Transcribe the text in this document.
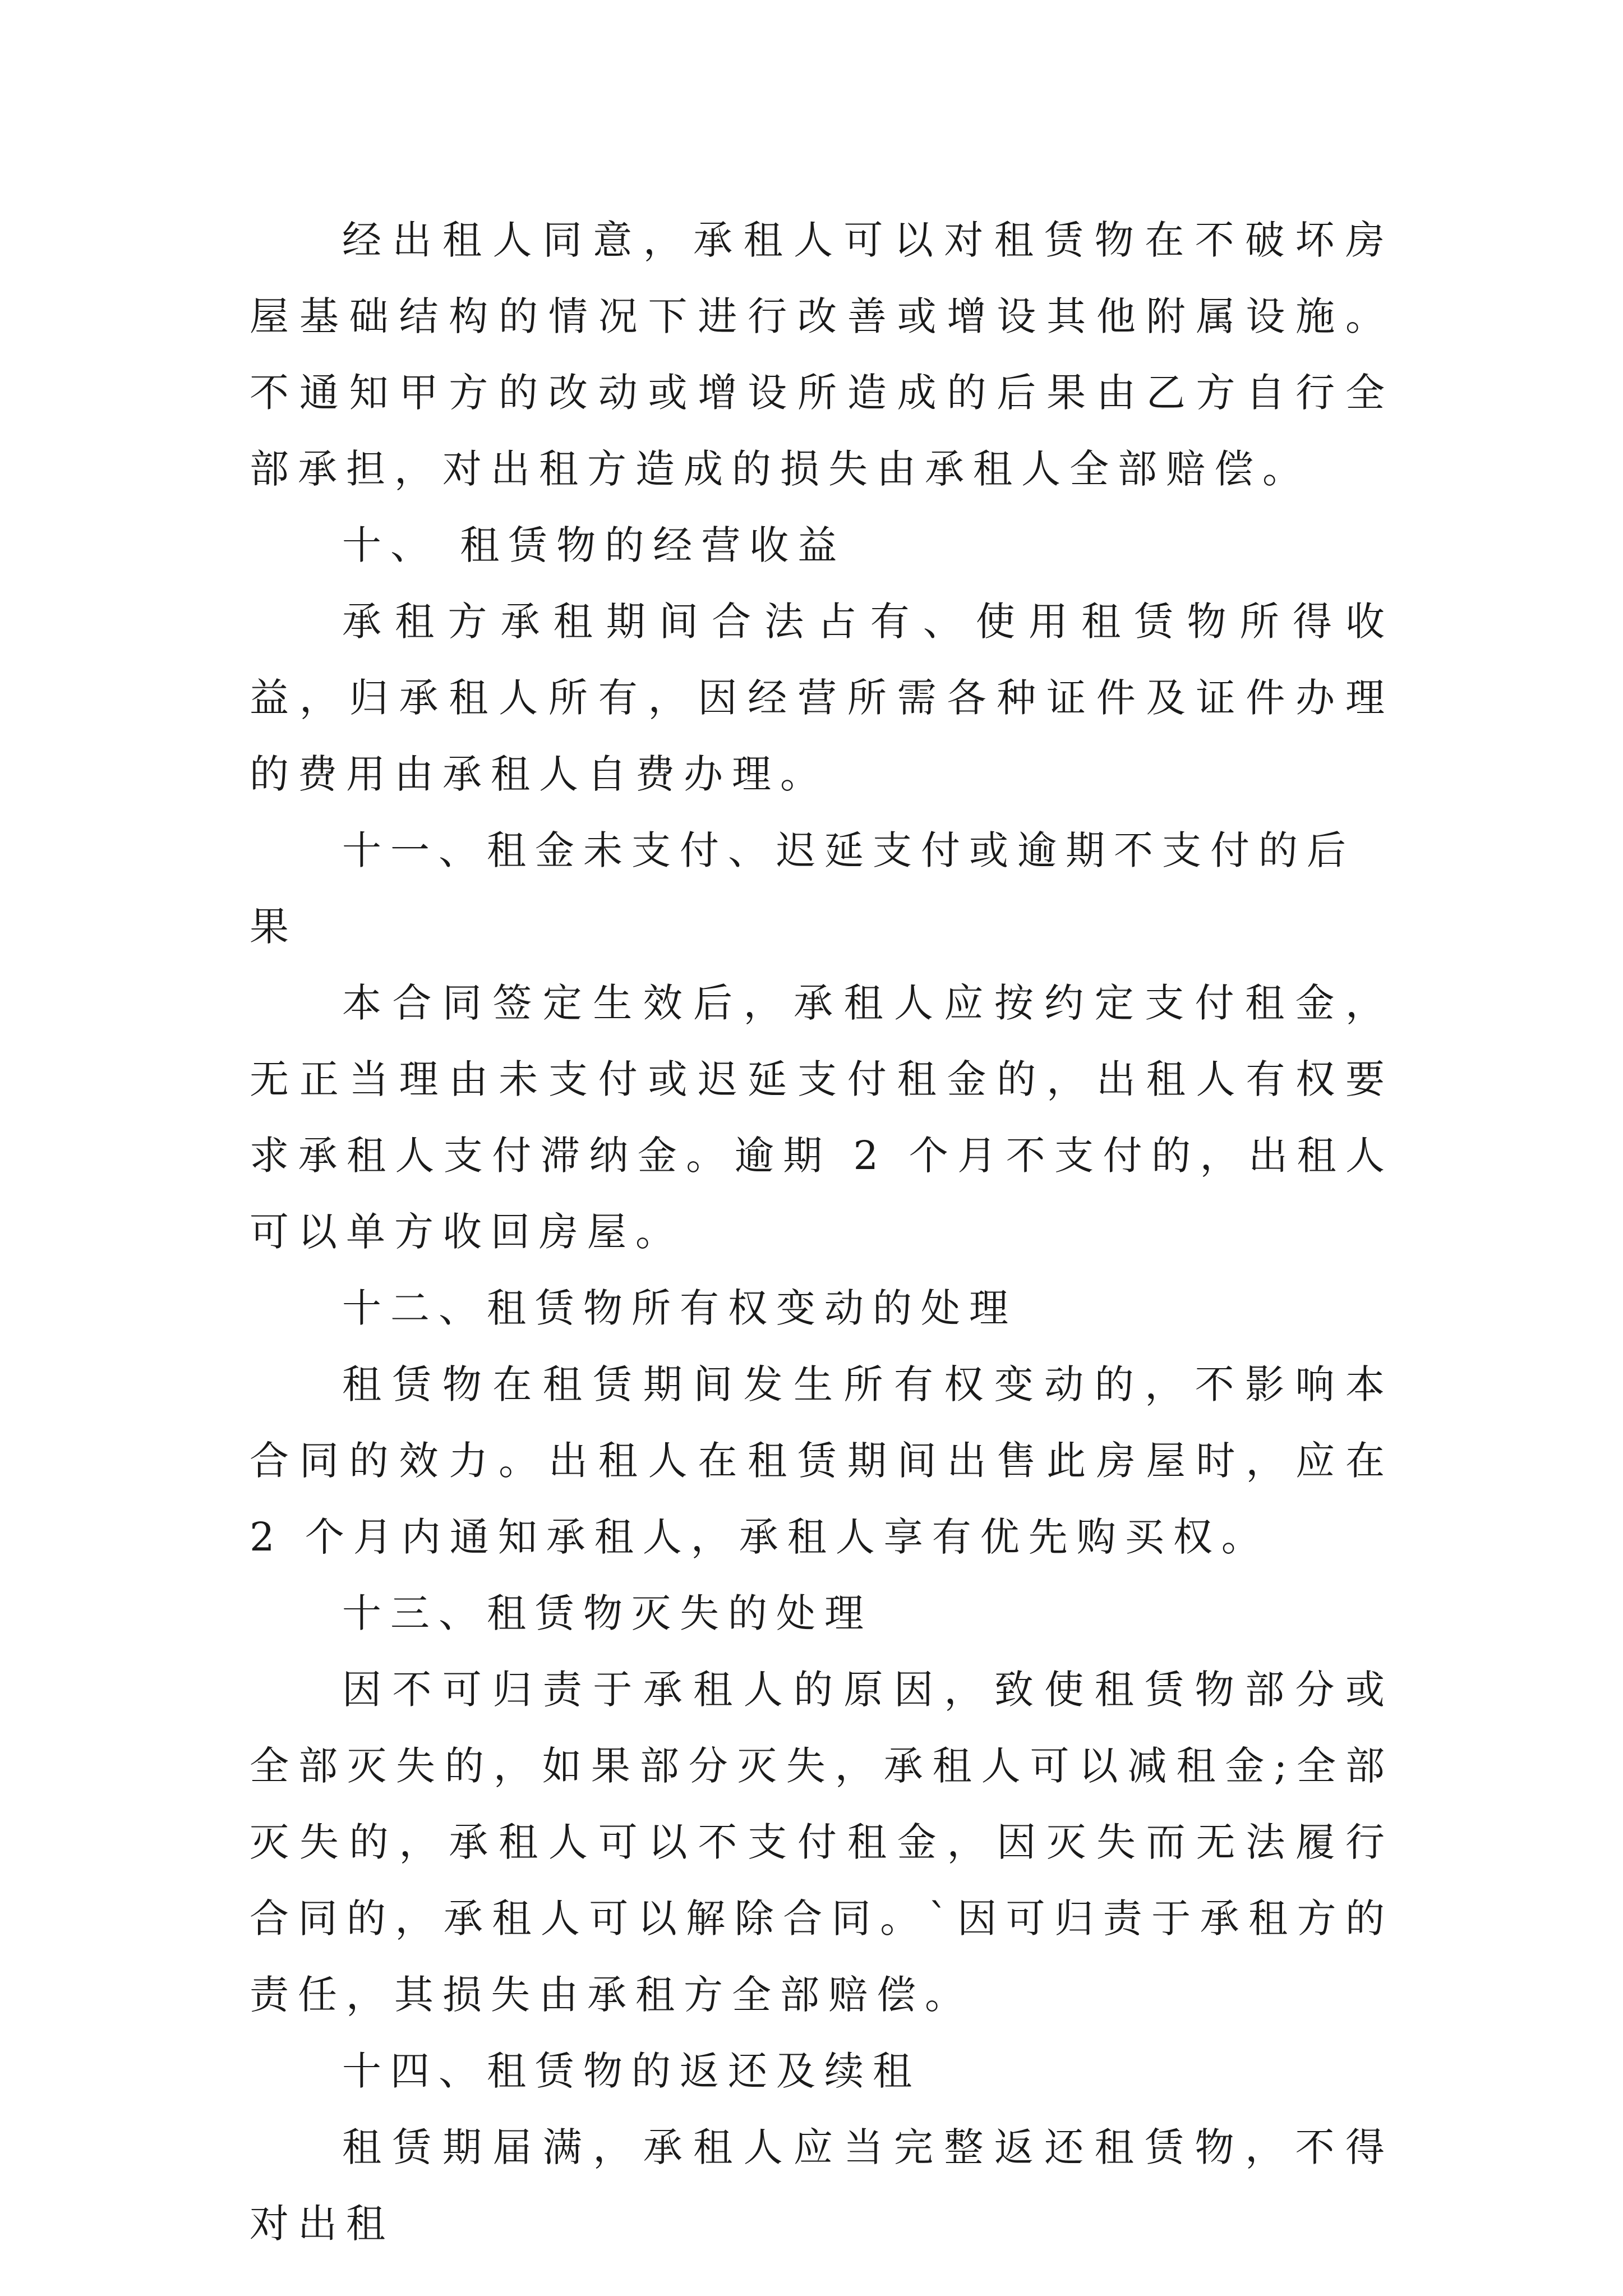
经出租人同意，承租人可以对租赁物在不破坏房屋基础结构的情况下进行改善或增设其他附属设施。不通知甲方的改动或增设所造成的后果由乙方自行全部承担，对出租方造成的损失由承租人全部赔偿。

十、 租赁物的经营收益

承租方承租期间合法占有、使用租赁物所得收益，归承租人所有，因经营所需各种证件及证件办理的费用由承租人自费办理。

十一、租金未支付、迟延支付或逾期不支付的后果

本合同签定生效后，承租人应按约定支付租金，无正当理由未支付或迟延支付租金的，出租人有权要求承租人支付滞纳金。逾期 2 个月不支付的，出租人可以单方收回房屋。

十二、租赁物所有权变动的处理

租赁物在租赁期间发生所有权变动的，不影响本合同的效力。出租人在租赁期间出售此房屋时，应在 2 个月内通知承租人，承租人享有优先购买权。

十三、租赁物灭失的处理

因不可归责于承租人的原因，致使租赁物部分或全部灭失的，如果部分灭失，承租人可以减租金;全部灭失的，承租人可以不支付租金，因灭失而无法履行合同的，承租人可以解除合同。`因可归责于承租方的责任，其损失由承租方全部赔偿。

十四、租赁物的返还及续租

租赁期届满，承租人应当完整返还租赁物，不得对出租
